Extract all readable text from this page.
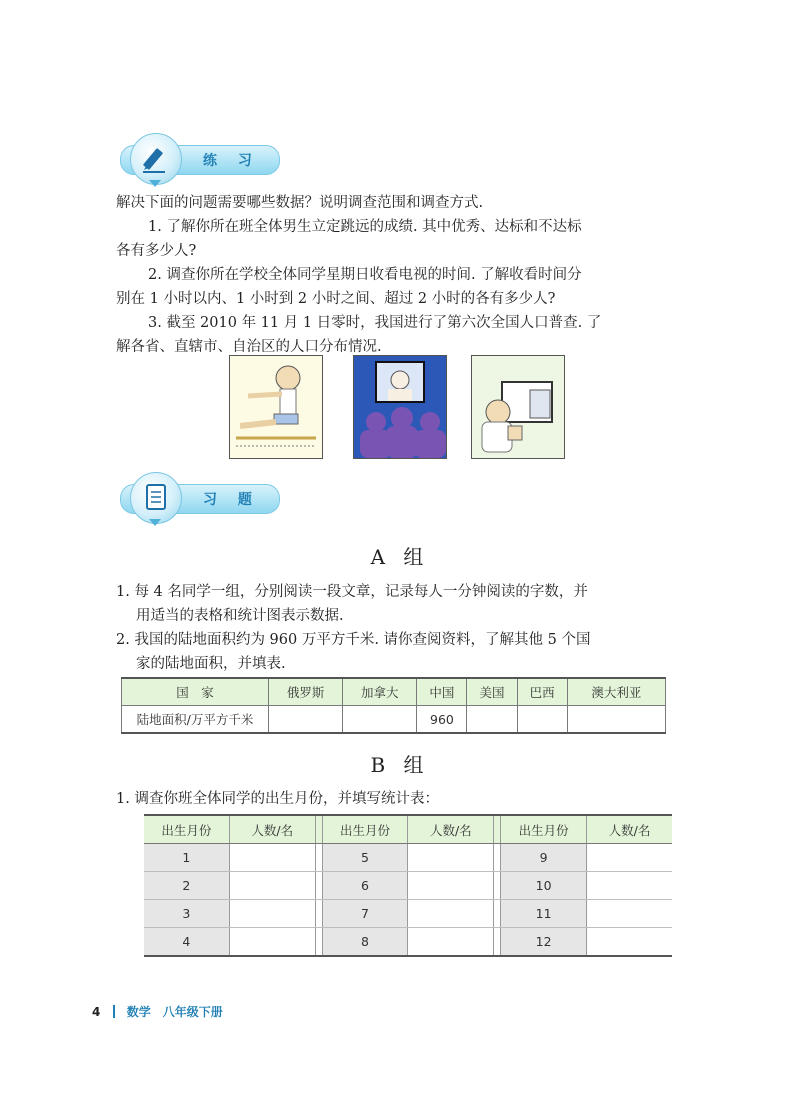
练 习
解决下面的问题需要哪些数据？说明调查范围和调查方式.
1. 了解你所在班全体男生立定跳远的成绩. 其中优秀、达标和不达标
各有多少人?
2. 调查你所在学校全体同学星期日收看电视的时间. 了解收看时间分
别在 1 小时以内、1 小时到 2 小时之间、超过 2 小时的各有多少人?
3. 截至 2010 年 11 月 1 日零时，我国进行了第六次全国人口普查. 了
解各省、直辖市、自治区的人口分布情况.
习 题
A 组
1. 每 4 名同学一组，分别阅读一段文章，记录每人一分钟阅读的字数，并
用适当的表格和统计图表示数据.
2. 我国的陆地面积约为 960 万平方千米. 请你查阅资料，了解其他 5 个国
家的陆地面积，并填表.
国　家	俄罗斯	加拿大	中国	美国	巴西	澳大利亚
陆地面积/万平方千米			960			
B 组
1. 调查你班全体同学的出生月份，并填写统计表：
出生月份	人数/名		出生月份	人数/名		出生月份	人数/名
1			5			9	
2			6			10	
3			7			11	
4			8			12	
4 数学　八年级下册
